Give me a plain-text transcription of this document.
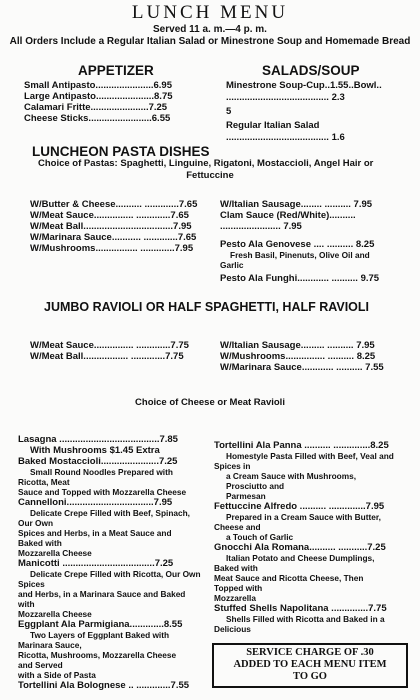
LUNCH MENU
Served 11 a. m.—4 p. m.
All Orders Include a Regular Italian Salad or Minestrone Soup and Homemade Bread
APPETIZER
Small Antipasto......................6.95
Large Antipasto......................8.75
Calamari Fritte......................7.25
Cheese Sticks........................6.55
SALADS/SOUP
Minestrone Soup-Cup..1.55..Bowl..
....................................... 2.3
5
Regular Italian Salad
....................................... 1.6
LUNCHEON PASTA DISHES
Choice of Pastas: Spaghetti, Linguine, Rigatoni, Mostaccioli, Angel Hair or
Fettuccine
W/Butter & Cheese.......... .............7.65
W/Meat Sauce............... .............7.65
W/Meat Ball..................................7.95
W/Marinara Sauce........... .............7.65
W/Mushrooms................ .............7.95
W/Italian Sausage........ .......... 7.95
Clam Sauce (Red/White)..........
....................... 7.95
Pesto Ala Genovese .... .......... 8.25
Fresh Basil, Pinenuts, Olive Oil and
Garlic
Pesto Ala Funghi............ .......... 9.75
JUMBO RAVIOLI OR HALF SPAGHETTI, HALF RAVIOLI
W/Meat Sauce............... .............7.75
W/Meat Ball................. .............7.75
W/Italian Sausage......... .......... 7.95
W/Mushrooms............... .......... 8.25
W/Marinara Sauce............ .......... 7.55
Choice of Cheese or Meat Ravioli
Lasagna ......................................7.85
With Mushrooms $1.45 Extra
Baked Mostaccioli......................7.25
Small Round Noodles Prepared with
Ricotta, Meat
Sauce and Topped with Mozzarella Cheese
Cannelloni.................................7.95
Delicate Crepe Filled with Beef, Spinach,
Our Own
Spices and Herbs, in a Meat Sauce and
Baked with
Mozzarella Cheese
Manicotti ...................................7.25
Delicate Crepe Filled with Ricotta, Our Own
Spices
and Herbs, in a Marinara Sauce and Baked
with
Mozzarella Cheese
Eggplant Ala Parmigiana.............8.55
Two Layers of Eggplant Baked with
Marinara Sauce,
Ricotta, Mushrooms, Mozzarella Cheese
and Served
with a Side of Pasta
Tortellini Ala Bolognese .. .............7.55
Tortellini Ala Panna .......... ..............8.25
Homestyle Pasta Filled with Beef, Veal and
Spices in
a Cream Sauce with Mushrooms,
Prosciutto and
Parmesan
Fettuccine Alfredo .......... ..............7.95
Prepared in a Cream Sauce with Butter,
Cheese and
a Touch of Garlic
Gnocchi Ala Romana.......... ...........7.25
Italian Potato and Cheese Dumplings,
Baked with
Meat Sauce and Ricotta Cheese, Then
Topped with
Mozzarella
Stuffed Shells Napolitana ..............7.75
Shells Filled with Ricotta and Baked in a
Delicious
SERVICE CHARGE OF .30
ADDED TO EACH MENU ITEM
TO GO
